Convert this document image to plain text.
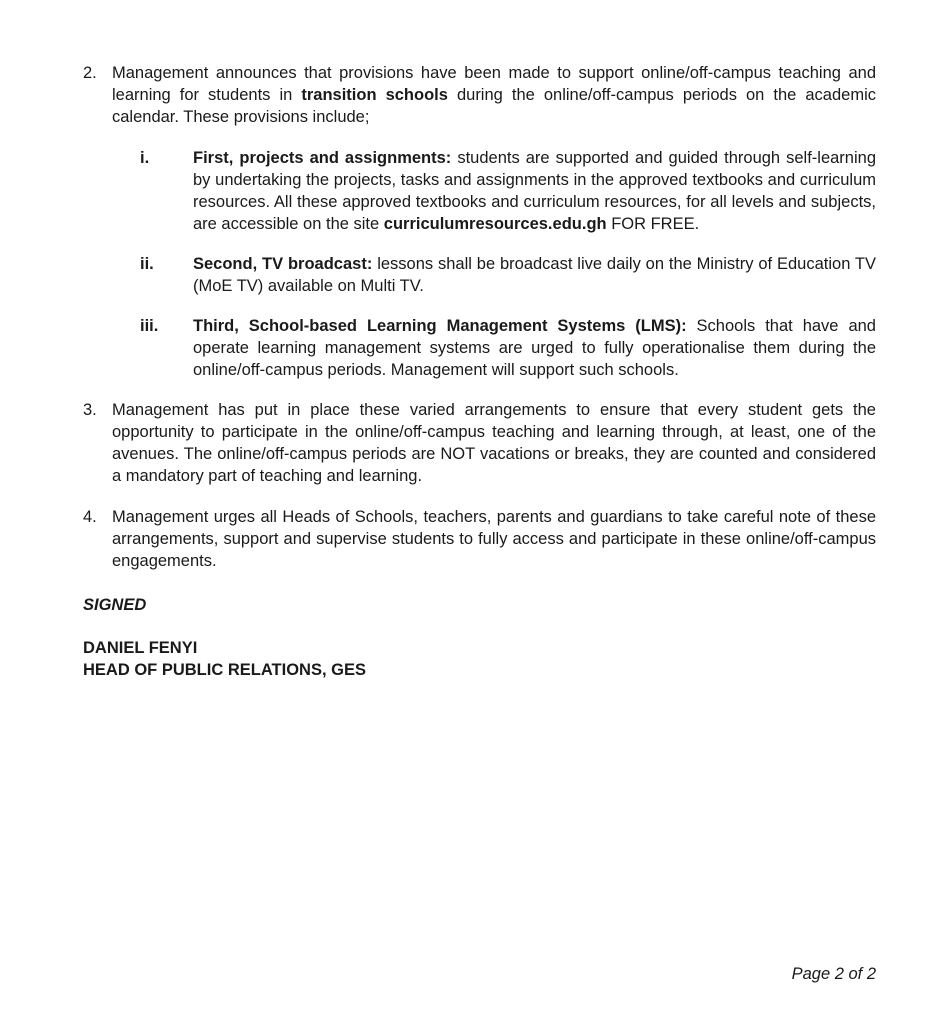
2. Management announces that provisions have been made to support online/off-campus teaching and learning for students in transition schools during the online/off-campus periods on the academic calendar. These provisions include;
i.	First, projects and assignments: students are supported and guided through self-learning by undertaking the projects, tasks and assignments in the approved textbooks and curriculum resources. All these approved textbooks and curriculum resources, for all levels and subjects, are accessible on the site curriculumresources.edu.gh FOR FREE.
ii.	Second, TV broadcast: lessons shall be broadcast live daily on the Ministry of Education TV (MoE TV) available on Multi TV.
iii.	Third, School-based Learning Management Systems (LMS): Schools that have and operate learning management systems are urged to fully operationalise them during the online/off-campus periods. Management will support such schools.
3. Management has put in place these varied arrangements to ensure that every student gets the opportunity to participate in the online/off-campus teaching and learning through, at least, one of the avenues. The online/off-campus periods are NOT vacations or breaks, they are counted and considered a mandatory part of teaching and learning.
4. Management urges all Heads of Schools, teachers, parents and guardians to take careful note of these arrangements, support and supervise students to fully access and participate in these online/off-campus engagements.
SIGNED
DANIEL FENYI
HEAD OF PUBLIC RELATIONS, GES
Page 2 of 2
